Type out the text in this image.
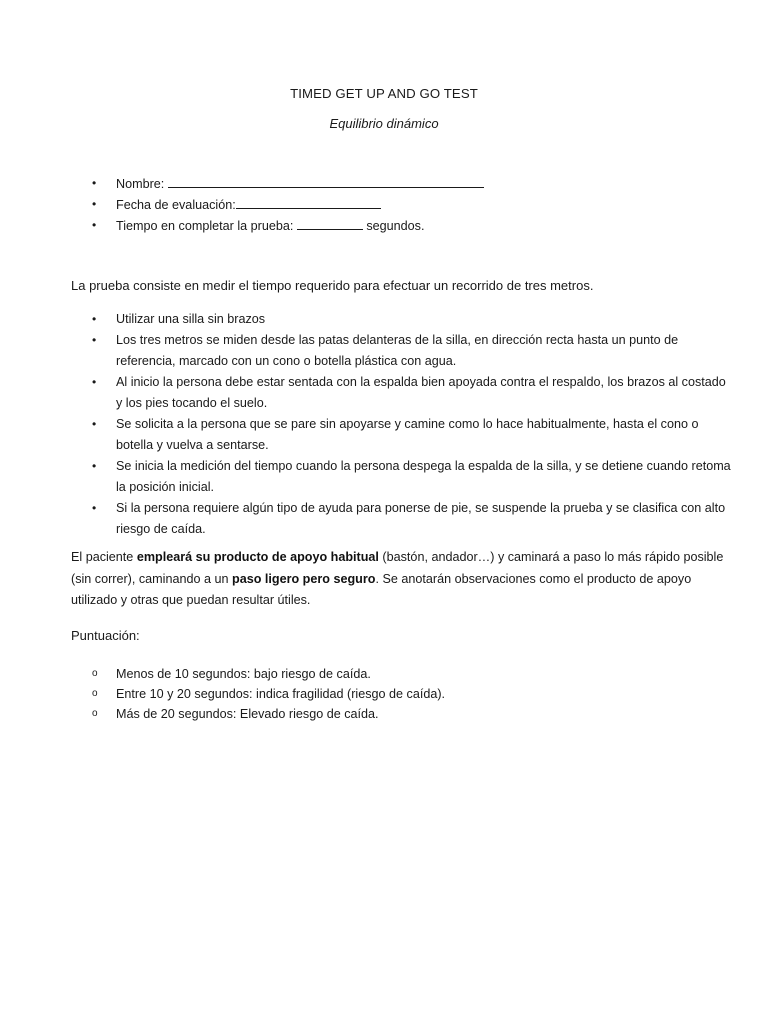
TIMED GET UP AND GO TEST
Equilibrio dinámico
• Nombre:
• Fecha de evaluación:
• Tiempo en completar la prueba:	segundos.
La prueba consiste en medir el tiempo requerido para efectuar un recorrido de tres metros.
• Utilizar una silla sin brazos
• Los tres metros se miden desde las patas delanteras de la silla, en dirección recta hasta un punto de referencia, marcado con un cono o botella plástica con agua.
• Al inicio la persona debe estar sentada con la espalda bien apoyada contra el respaldo, los brazos al costado y los pies tocando el suelo.
• Se solicita a la persona que se pare sin apoyarse y camine como lo hace habitualmente, hasta el cono o botella y vuelva a sentarse.
• Se inicia la medición del tiempo cuando la persona despega la espalda de la silla, y se detiene cuando retoma la posición inicial.
• Si la persona requiere algún tipo de ayuda para ponerse de pie, se suspende la prueba y se clasifica con alto riesgo de caída.
El paciente empleará su producto de apoyo habitual (bastón, andador…) y caminará a paso lo más rápido posible (sin correr), caminando a un paso ligero pero seguro. Se anotarán observaciones como el producto de apoyo utilizado y otras que puedan resultar útiles.
Puntuación:
o Menos de 10 segundos: bajo riesgo de caída.
o Entre 10 y 20 segundos: indica fragilidad (riesgo de caída).
o Más de 20 segundos: Elevado riesgo de caída.
